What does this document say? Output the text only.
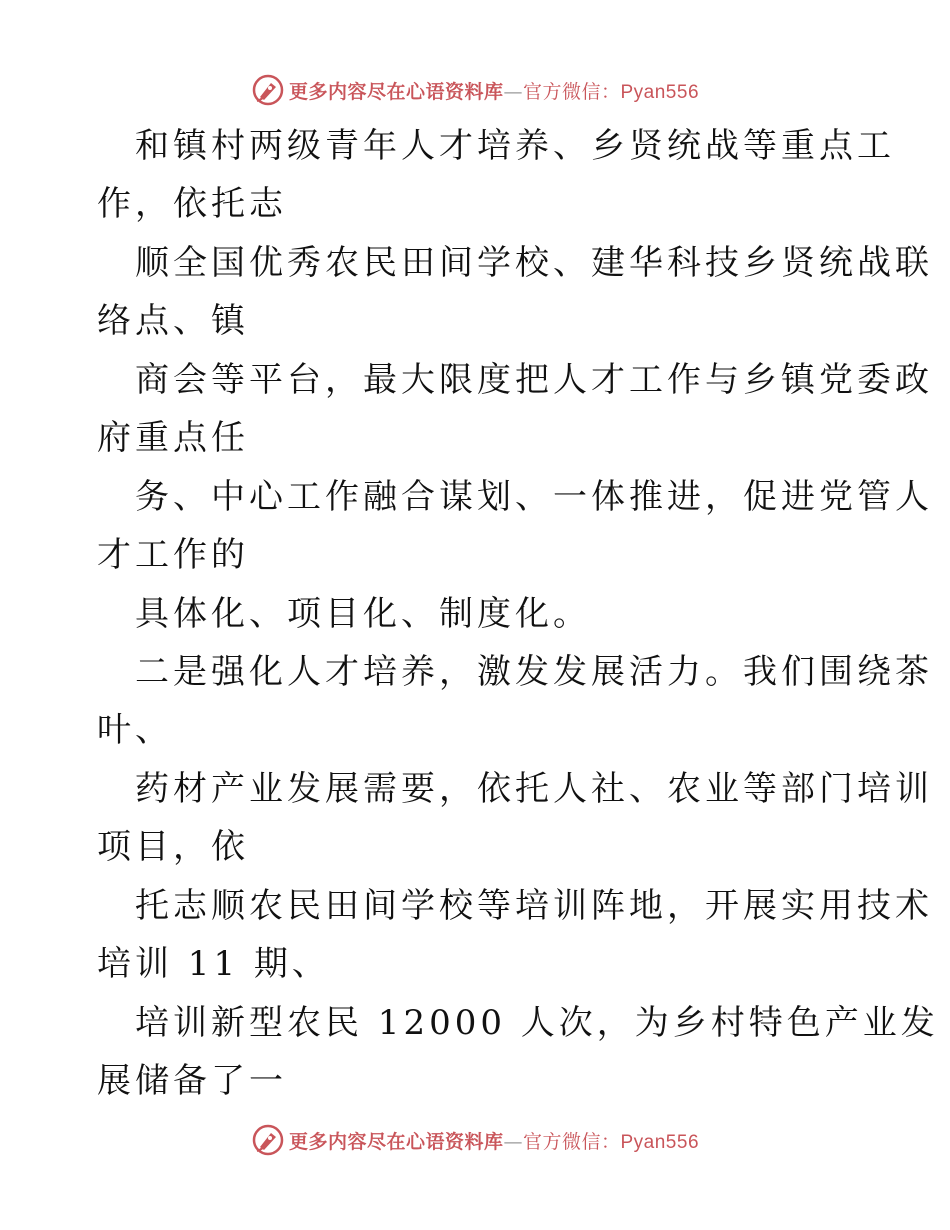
更多内容尽在心语资料库—官方微信：Pyan556
和镇村两级青年人才培养、乡贤统战等重点工
作，依托志
顺全国优秀农民田间学校、建华科技乡贤统战联
络点、镇
商会等平台，最大限度把人才工作与乡镇党委政
府重点任
务、中心工作融合谋划、一体推进，促进党管人
才工作的
具体化、项目化、制度化。
二是强化人才培养，激发发展活力。我们围绕茶
叶、
药材产业发展需要，依托人社、农业等部门培训
项目，依
托志顺农民田间学校等培训阵地，开展实用技术
培训 11 期、
培训新型农民 12000 人次，为乡村特色产业发
展储备了一
更多内容尽在心语资料库—官方微信：Pyan556
